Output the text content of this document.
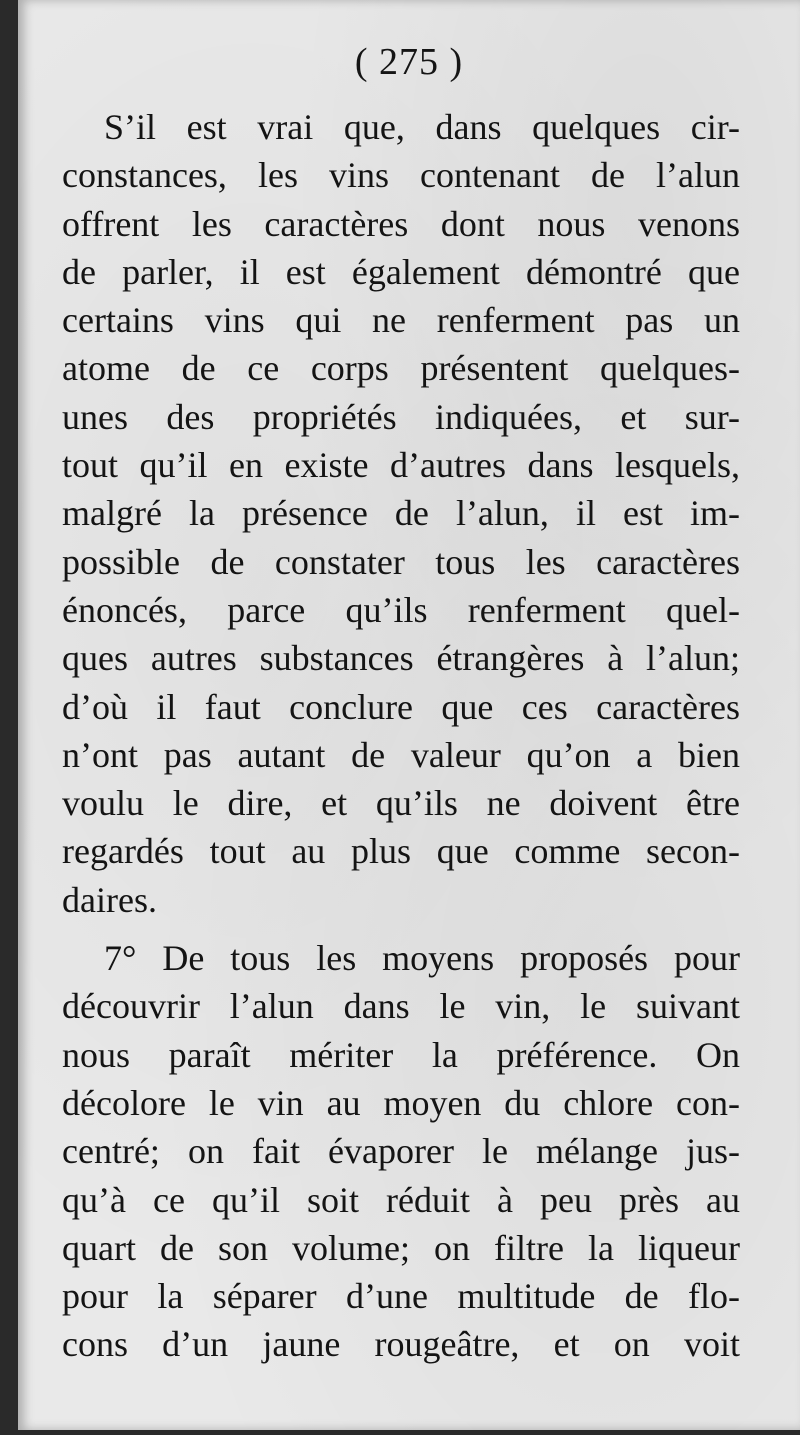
( 275 )
S’il est vrai que, dans quelques cir-
constances, les vins contenant de l’alun
offrent les caractères dont nous venons
de parler, il est également démontré que
certains vins qui ne renferment pas un
atome de ce corps présentent quelques-
unes des propriétés indiquées, et sur-
tout qu’il en existe d’autres dans lesquels,
malgré la présence de l’alun, il est im-
possible de constater tous les caractères
énoncés, parce qu’ils renferment quel-
ques autres substances étrangères à l’alun;
d’où il faut conclure que ces caractères
n’ont pas autant de valeur qu’on a bien
voulu le dire, et qu’ils ne doivent être
regardés tout au plus que comme secon-
daires.
7° De tous les moyens proposés pour
découvrir l’alun dans le vin, le suivant
nous paraît mériter la préférence. On
décolore le vin au moyen du chlore con-
centré; on fait évaporer le mélange jus-
qu’à ce qu’il soit réduit à peu près au
quart de son volume; on filtre la liqueur
pour la séparer d’une multitude de flo-
cons d’un jaune rougeâtre, et on voit
